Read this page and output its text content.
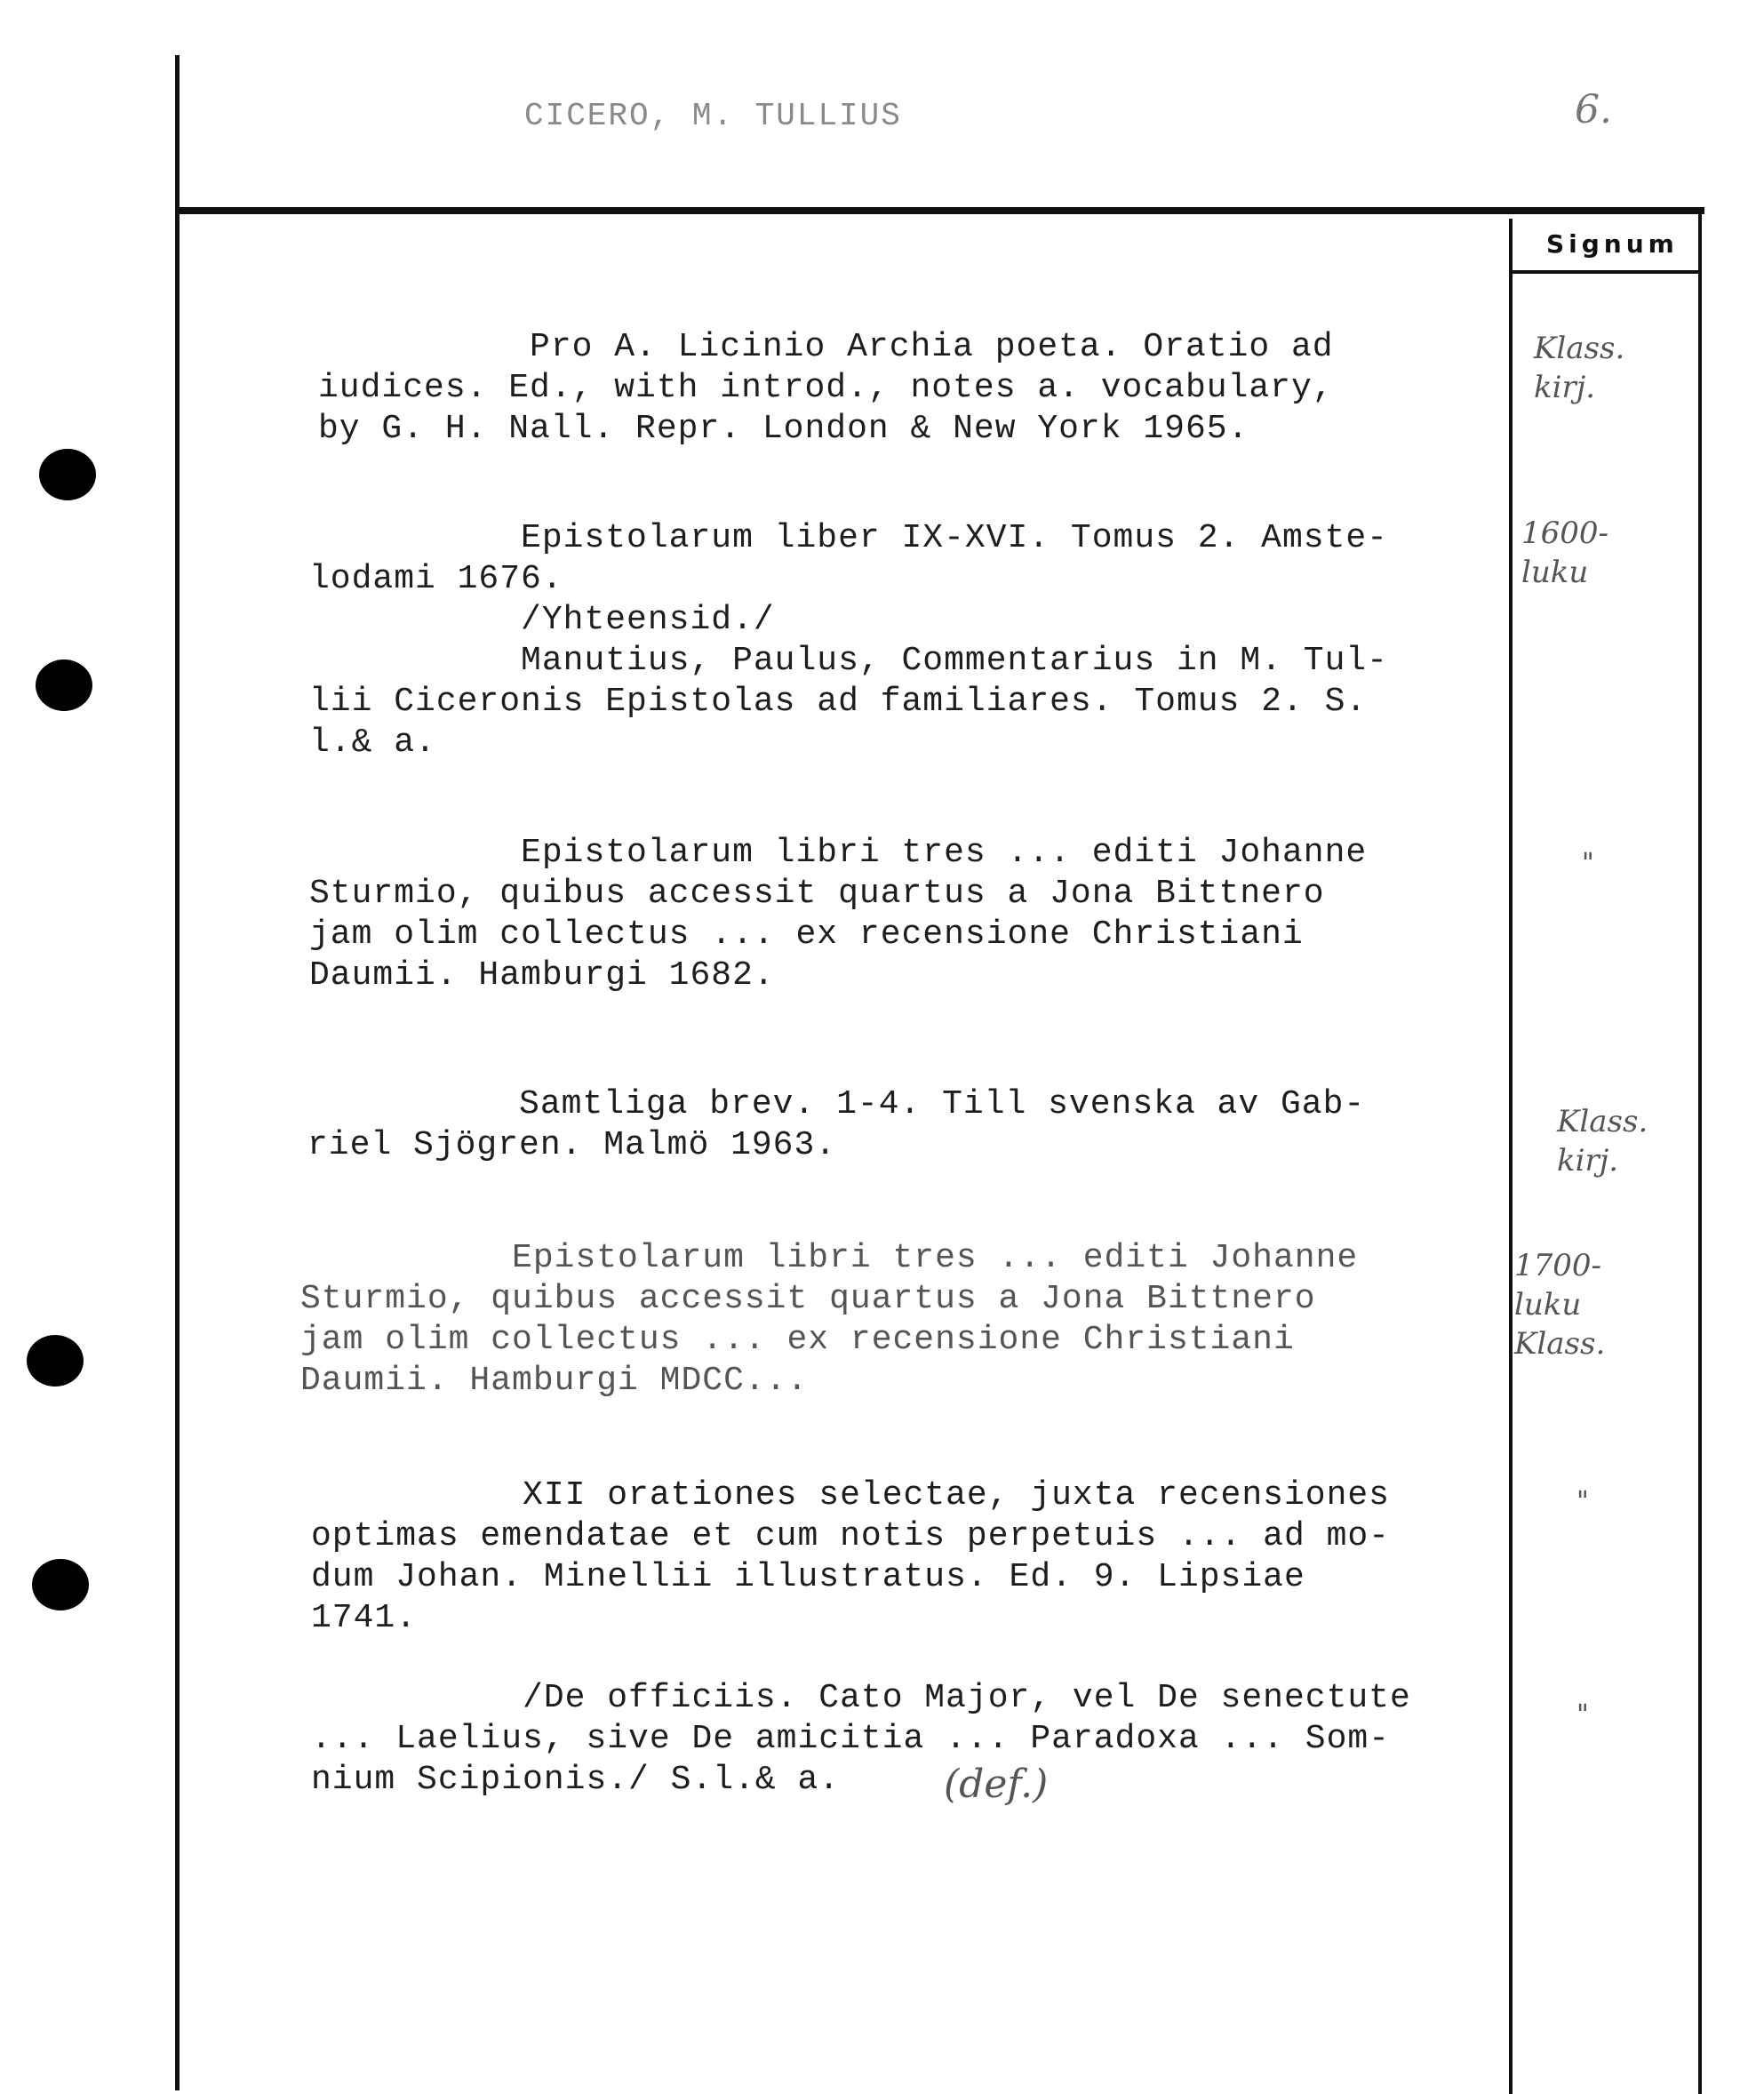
CICERO, M. TULLIUS	6.
Signum
Pro A. Licinio Archia poeta. Oratio ad
iudices. Ed., with introd., notes a. vocabulary,
by G. H. Nall. Repr. London & New York 1965.
Klass.
kirj.
Epistolarum liber IX-XVI. Tomus 2. Amste-
lodami 1676.
/Yhteensid./
Manutius, Paulus, Commentarius in M. Tul-
lii Ciceronis Epistolas ad familiares. Tomus 2. S.
l.& a.
1600-
luku
Epistolarum libri tres ... editi Johanne
Sturmio, quibus accessit quartus a Jona Bittnero
jam olim collectus ... ex recensione Christiani
Daumii. Hamburgi 1682.
"
Samtliga brev. 1-4. Till svenska av Gab-
riel Sjögren. Malmö 1963.
Klass.
kirj.
Epistolarum libri tres ... editi Johanne
Sturmio, quibus accessit quartus a Jona Bittnero
jam olim collectus ... ex recensione Christiani
Daumii. Hamburgi MDCC...
1700-
luku
Klass.
XII orationes selectae, juxta recensiones
optimas emendatae et cum notis perpetuis ... ad mo-
dum Johan. Minellii illustratus. Ed. 9. Lipsiae
1741.
"
/De officiis. Cato Major, vel De senectute
... Laelius, sive De amicitia ... Paradoxa ... Som-
nium Scipionis./ S.l.& a.
"
(def.)
